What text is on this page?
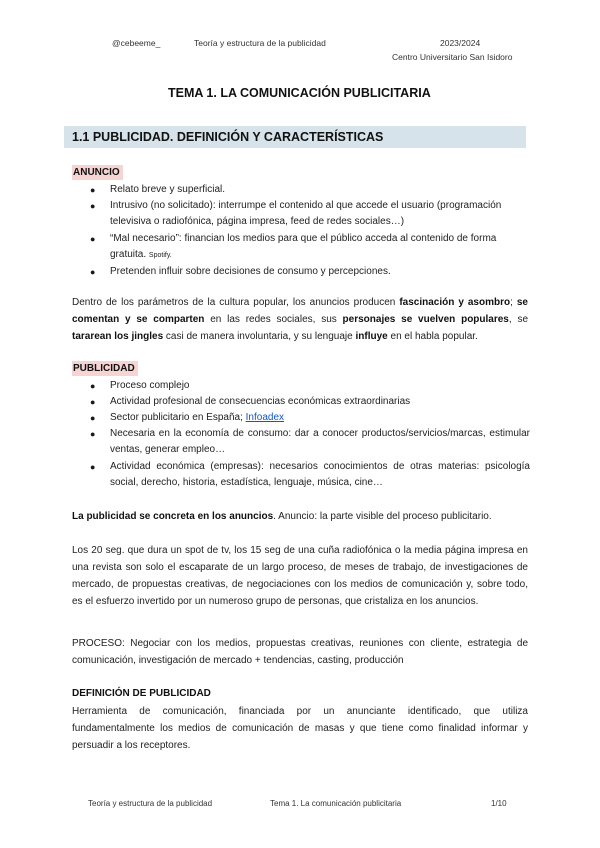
@cebeeme_	Teoría y estructura de la publicidad	2023/2024
Centro Universitario San Isidoro
TEMA 1. LA COMUNICACIÓN PUBLICITARIA
1.1 PUBLICIDAD. DEFINICIÓN Y CARACTERÍSTICAS
ANUNCIO
●	Relato breve y superficial.
●	Intrusivo (no solicitado): interrumpe el contenido al que accede el usuario (programación televisiva o radiofónica, página impresa, feed de redes sociales…)
●	“Mal necesario”: financian los medios para que el público acceda al contenido de forma gratuita. Spotify.
●	Pretenden influir sobre decisiones de consumo y percepciones.
Dentro de los parámetros de la cultura popular, los anuncios producen fascinación y asombro; se comentan y se comparten en las redes sociales, sus personajes se vuelven populares, se tararean los jingles casi de manera involuntaria, y su lenguaje influye en el habla popular.
PUBLICIDAD
●	Proceso complejo
●	Actividad profesional de consecuencias económicas extraordinarias
●	Sector publicitario en España; Infoadex
●	Necesaria en la economía de consumo: dar a conocer productos/servicios/marcas, estimular ventas, generar empleo…
●	Actividad económica (empresas): necesarios conocimientos de otras materias: psicología social, derecho, historia, estadística, lenguaje, música, cine…
La publicidad se concreta en los anuncios. Anuncio: la parte visible del proceso publicitario.
Los 20 seg. que dura un spot de tv, los 15 seg de una cuña radiofónica o la media página impresa en una revista son solo el escaparate de un largo proceso, de meses de trabajo, de investigaciones de mercado, de propuestas creativas, de negociaciones con los medios de comunicación y, sobre todo, es el esfuerzo invertido por un numeroso grupo de personas, que cristaliza en los anuncios.
PROCESO: Negociar con los medios, propuestas creativas, reuniones con cliente, estrategia de comunicación, investigación de mercado + tendencias, casting, producción
DEFINICIÓN DE PUBLICIDAD
Herramienta de comunicación, financiada por un anunciante identificado, que utiliza fundamentalmente los medios de comunicación de masas y que tiene como finalidad informar y persuadir a los receptores.
Teoría y estructura de la publicidad	Tema 1. La comunicación publicitaria	1/10
